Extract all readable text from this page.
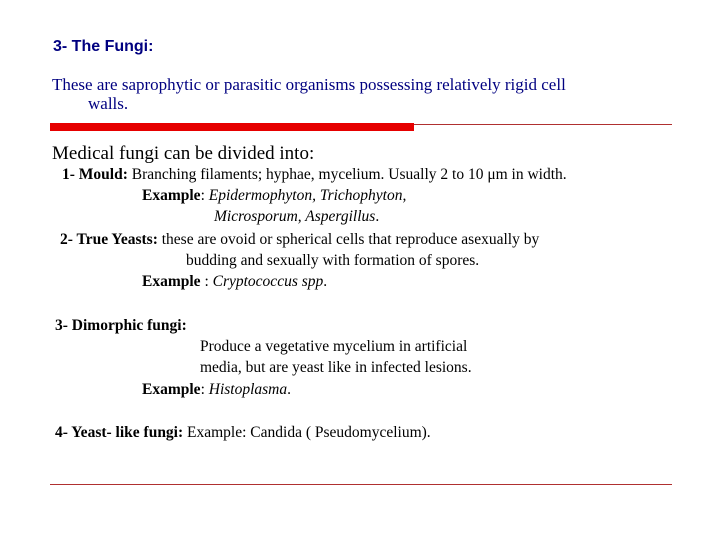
3- The Fungi:
These are saprophytic or parasitic organisms possessing relatively rigid cell
walls.
Medical fungi can be divided into:
1- Mould: Branching filaments; hyphae, mycelium. Usually 2 to 10 μm in width.
Example: Epidermophyton, Trichophyton,
Microsporum, Aspergillus.
2- True Yeasts: these are ovoid or spherical cells that reproduce asexually by
budding and sexually with formation of spores.
Example : Cryptococcus spp.
3- Dimorphic fungi:
Produce a vegetative mycelium in artificial
media, but are yeast like in infected lesions.
Example: Histoplasma.
4- Yeast- like fungi: Example: Candida ( Pseudomycelium).
